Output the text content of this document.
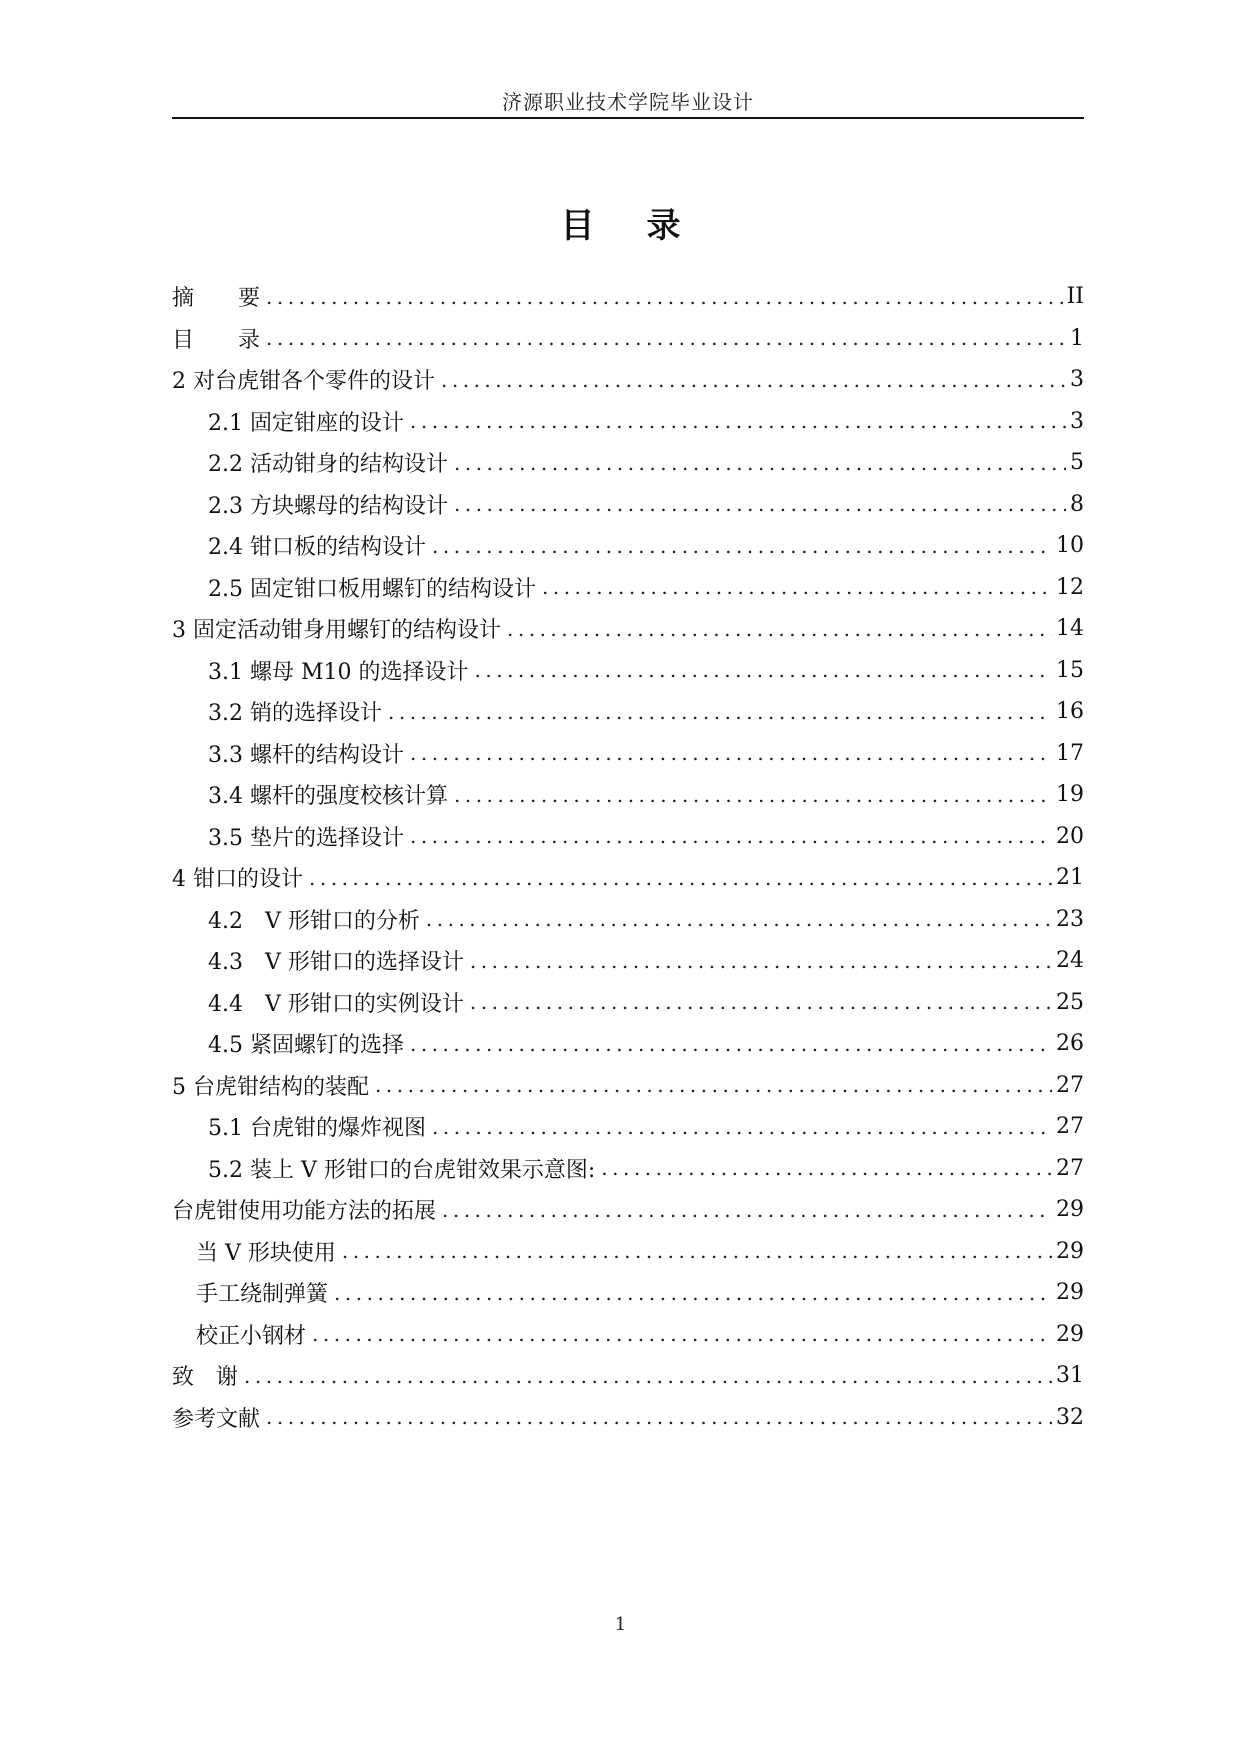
济源职业技术学院毕业设计
目 录
摘　　要 .....	II
目　　录 .....	1
2 对台虎钳各个零件的设计 .....	3
2.1 固定钳座的设计 .....	3
2.2 活动钳身的结构设计 .....	5
2.3 方块螺母的结构设计 .....	8
2.4 钳口板的结构设计 .....	10
2.5 固定钳口板用螺钉的结构设计 .....	12
3 固定活动钳身用螺钉的结构设计 .....	14
3.1 螺母 M10 的选择设计 .....	15
3.2 销的选择设计 .....	16
3.3 螺杆的结构设计 .....	17
3.4 螺杆的强度校核计算 .....	19
3.5 垫片的选择设计 .....	20
4 钳口的设计 .....	21
4.2　V 形钳口的分析 .....	23
4.3　V 形钳口的选择设计 .....	24
4.4　V 形钳口的实例设计 .....	25
4.5 紧固螺钉的选择 .....	26
5 台虎钳结构的装配 .....	27
5.1 台虎钳的爆炸视图 .....	27
5.2 装上 V 形钳口的台虎钳效果示意图: .....	27
台虎钳使用功能方法的拓展 .....	29
当 V 形块使用 .....	29
手工绕制弹簧 .....	29
校正小钢材 .....	29
致　谢 .....	31
参考文献 .....	32
1
